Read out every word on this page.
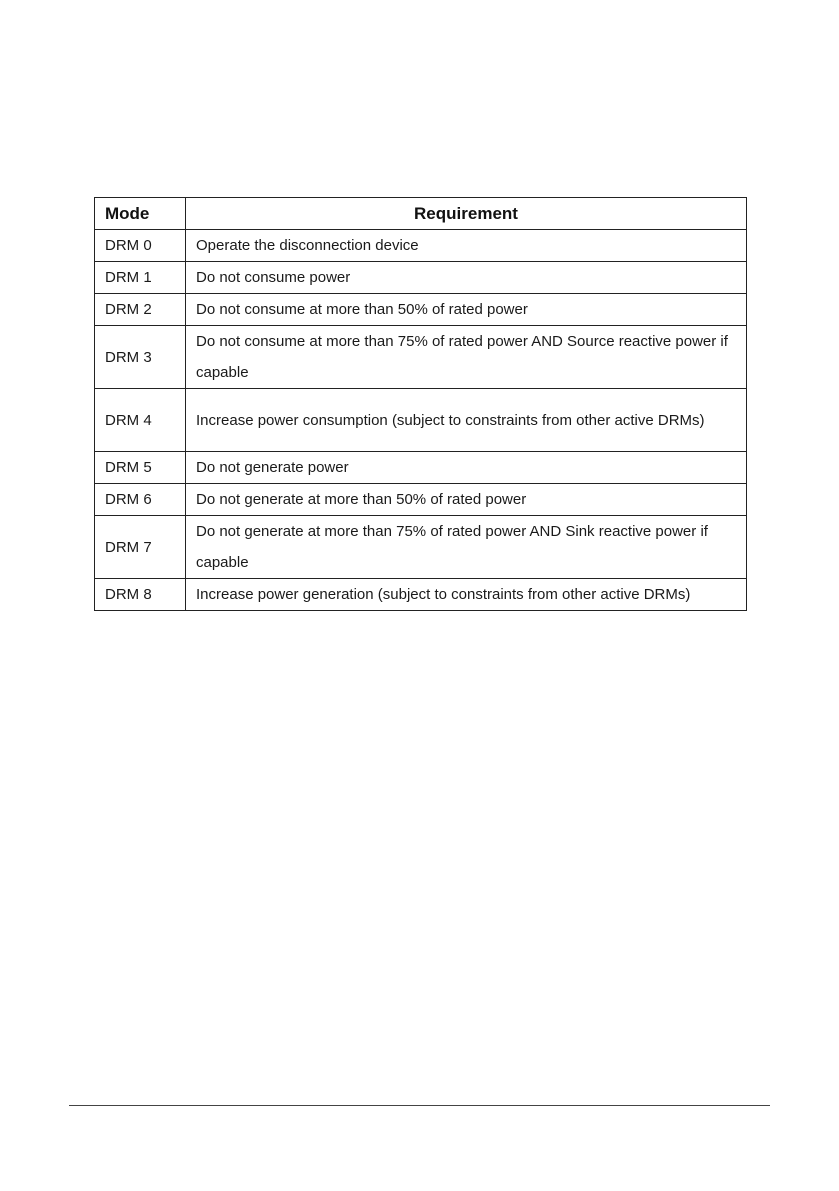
Mode	Requirement
DRM 0	Operate the disconnection device
DRM 1	Do not consume power
DRM 2	Do not consume at more than 50% of rated power
DRM 3	Do not consume at more than 75% of rated power AND Source reactive power if capable
DRM 4	Increase power consumption (subject to constraints from other active DRMs)
DRM 5	Do not generate power
DRM 6	Do not generate at more than 50% of rated power
DRM 7	Do not generate at more than 75% of rated power AND Sink reactive power if capable
DRM 8	Increase power generation (subject to constraints from other active DRMs)
